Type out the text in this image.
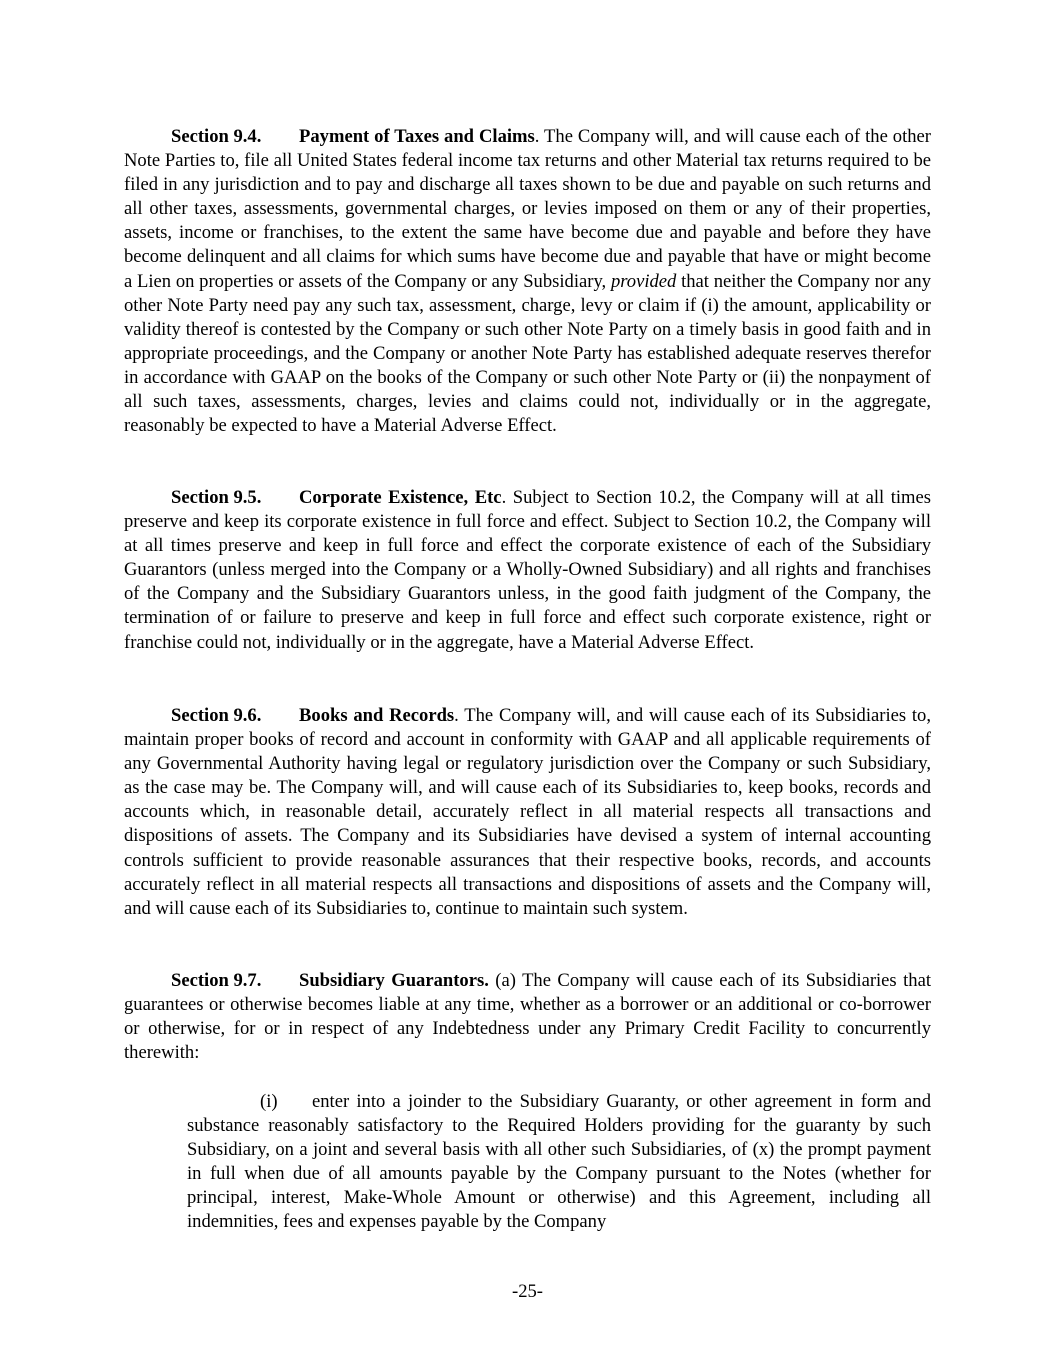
Section 9.4. Payment of Taxes and Claims. The Company will, and will cause each of the other Note Parties to, file all United States federal income tax returns and other Material tax returns required to be filed in any jurisdiction and to pay and discharge all taxes shown to be due and payable on such returns and all other taxes, assessments, governmental charges, or levies imposed on them or any of their properties, assets, income or franchises, to the extent the same have become due and payable and before they have become delinquent and all claims for which sums have become due and payable that have or might become a Lien on properties or assets of the Company or any Subsidiary, provided that neither the Company nor any other Note Party need pay any such tax, assessment, charge, levy or claim if (i) the amount, applicability or validity thereof is contested by the Company or such other Note Party on a timely basis in good faith and in appropriate proceedings, and the Company or another Note Party has established adequate reserves therefor in accordance with GAAP on the books of the Company or such other Note Party or (ii) the nonpayment of all such taxes, assessments, charges, levies and claims could not, individually or in the aggregate, reasonably be expected to have a Material Adverse Effect.

Section 9.5. Corporate Existence, Etc. Subject to Section 10.2, the Company will at all times preserve and keep its corporate existence in full force and effect. Subject to Section 10.2, the Company will at all times preserve and keep in full force and effect the corporate existence of each of the Subsidiary Guarantors (unless merged into the Company or a Wholly-Owned Subsidiary) and all rights and franchises of the Company and the Subsidiary Guarantors unless, in the good faith judgment of the Company, the termination of or failure to preserve and keep in full force and effect such corporate existence, right or franchise could not, individually or in the aggregate, have a Material Adverse Effect.

Section 9.6. Books and Records. The Company will, and will cause each of its Subsidiaries to, maintain proper books of record and account in conformity with GAAP and all applicable requirements of any Governmental Authority having legal or regulatory jurisdiction over the Company or such Subsidiary, as the case may be. The Company will, and will cause each of its Subsidiaries to, keep books, records and accounts which, in reasonable detail, accurately reflect in all material respects all transactions and dispositions of assets. The Company and its Subsidiaries have devised a system of internal accounting controls sufficient to provide reasonable assurances that their respective books, records, and accounts accurately reflect in all material respects all transactions and dispositions of assets and the Company will, and will cause each of its Subsidiaries to, continue to maintain such system.

Section 9.7. Subsidiary Guarantors. (a) The Company will cause each of its Subsidiaries that guarantees or otherwise becomes liable at any time, whether as a borrower or an additional or co-borrower or otherwise, for or in respect of any Indebtedness under any Primary Credit Facility to concurrently therewith:

(i) enter into a joinder to the Subsidiary Guaranty, or other agreement in form and substance reasonably satisfactory to the Required Holders providing for the guaranty by such Subsidiary, on a joint and several basis with all other such Subsidiaries, of (x) the prompt payment in full when due of all amounts payable by the Company pursuant to the Notes (whether for principal, interest, Make-Whole Amount or otherwise) and this Agreement, including all indemnities, fees and expenses payable by the Company

-25-
